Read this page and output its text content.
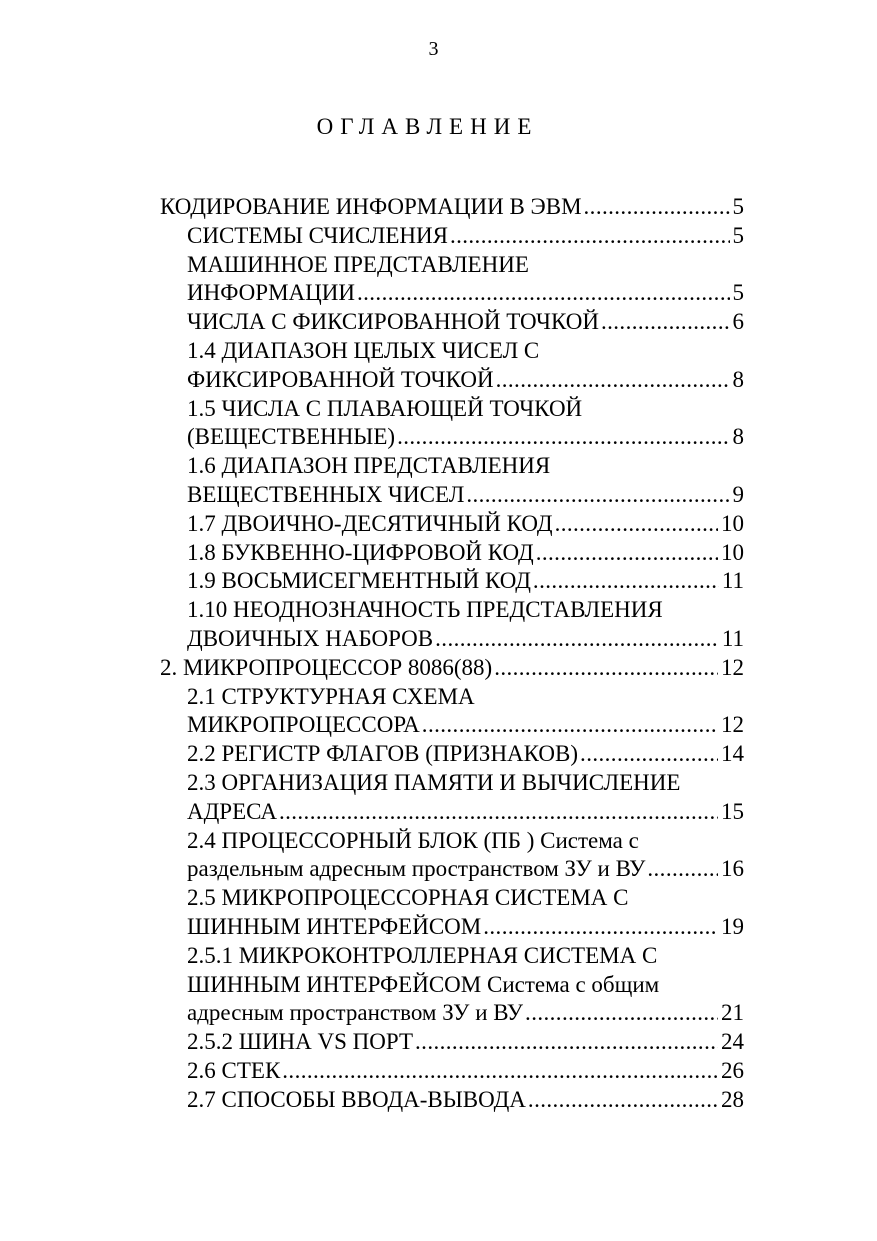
3
ОГЛАВЛЕНИЕ
КОДИРОВАНИЕ ИНФОРМАЦИИ В ЭВМ .....	5
СИСТЕМЫ СЧИСЛЕНИЯ .....	5
МАШИННОЕ ПРЕДСТАВЛЕНИЕ
ИНФОРМАЦИИ .....	5
ЧИСЛА С ФИКСИРОВАННОЙ ТОЧКОЙ .....	6
1.4 ДИАПАЗОН ЦЕЛЫХ ЧИСЕЛ С
ФИКСИРОВАННОЙ ТОЧКОЙ .....	8
1.5 ЧИСЛА С ПЛАВАЮЩЕЙ ТОЧКОЙ
(ВЕЩЕСТВЕННЫЕ) .....	8
1.6 ДИАПАЗОН ПРЕДСТАВЛЕНИЯ
ВЕЩЕСТВЕННЫХ ЧИСЕЛ .....	9
1.7 ДВОИЧНО-ДЕСЯТИЧНЫЙ КОД .....	10
1.8 БУКВЕННО-ЦИФРОВОЙ КОД .....	10
1.9 ВОСЬМИСЕГМЕНТНЫЙ КОД .....	11
1.10 НЕОДНОЗНАЧНОСТЬ ПРЕДСТАВЛЕНИЯ
ДВОИЧНЫХ НАБОРОВ .....	11
2. МИКРОПРОЦЕССОР 8086(88) .....	12
2.1 СТРУКТУРНАЯ СХЕМА
МИКРОПРОЦЕССОРА .....	12
2.2 РЕГИСТР ФЛАГОВ (ПРИЗНАКОВ) .....	14
2.3 ОРГАНИЗАЦИЯ ПАМЯТИ И ВЫЧИСЛЕНИЕ
АДРЕСА .....	15
2.4 ПРОЦЕССОРНЫЙ БЛОК (ПБ ) Система с
раздельным адресным пространством ЗУ и ВУ .....	16
2.5 МИКРОПРОЦЕССОРНАЯ СИСТЕМА С
ШИННЫМ ИНТЕРФЕЙСОМ .....	19
2.5.1 МИКРОКОНТРОЛЛЕРНАЯ СИСТЕМА С
ШИННЫМ ИНТЕРФЕЙСОМ Система с общим
адресным пространством ЗУ и ВУ .....	21
2.5.2 ШИНА VS ПОРТ .....	24
2.6 СТЕК .....	26
2.7 СПОСОБЫ ВВОДА-ВЫВОДА .....	28
